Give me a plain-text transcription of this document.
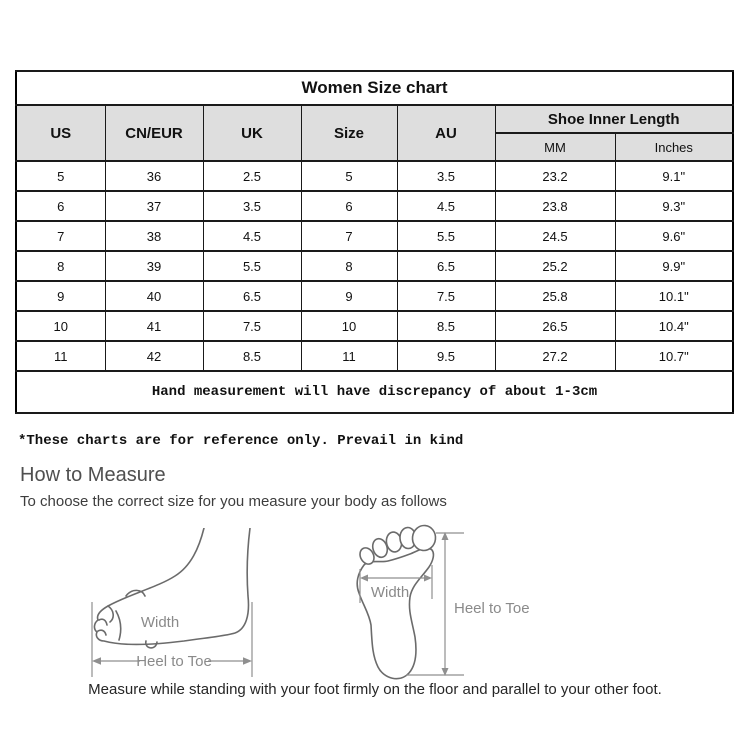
Women Size chart						
US	CN/EUR	UK	Size	AU	Shoe Inner Length	
					MM	Inches
5	36	2.5	5	3.5	23.2	9.1"
6	37	3.5	6	4.5	23.8	9.3"
7	38	4.5	7	5.5	24.5	9.6"
8	39	5.5	8	6.5	25.2	9.9"
9	40	6.5	9	7.5	25.8	10.1"
10	41	7.5	10	8.5	26.5	10.4"
11	42	8.5	11	9.5	27.2	10.7"
Hand measurement will have discrepancy of about 1-3cm						
*These charts are for reference only. Prevail in kind
How to Measure
To choose the correct size for you measure your body as follows
Width
Heel to Toe
Width
Heel to Toe
Measure while standing with your foot firmly on the floor and parallel to your other foot.
